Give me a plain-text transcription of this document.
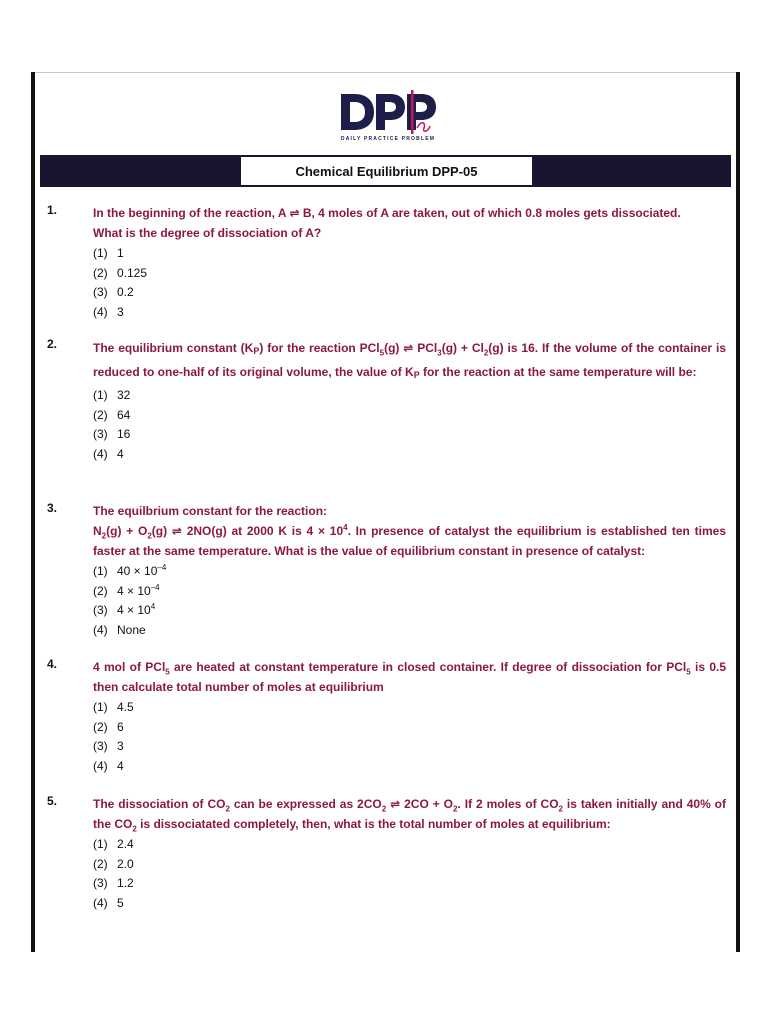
DAILY PRACTICE PROBLEM
Chemical Equilibrium DPP-05
1.	In the beginning of the reaction, A ⇌ B, 4 moles of A are taken, out of which 0.8 moles gets dissociated.
What is the degree of dissociation of A?
(1) 1
(2) 0.125
(3) 0.2
(4) 3
2.	The equilibrium constant (KP) for the reaction PCl$_5$(g) ⇌ $PCl_3(g) + Cl_2(g)$ is 16. If the volume of the container is reduced to one-half of its original volume, the value of KP for the reaction at the same temperature will be:
(1) 32
(2) 64
(3) 16
(4) 4
3.	The equilbrium constant for the reaction:
$N_2(g) + O_2(g)$ ⇌ 2NO(g) at 2000 K is $4 \times 10^4$. In presence of catalyst the equilibrium is established ten times faster at the same temperature. What is the value of equilibrium constant in presence of catalyst:
(1) $40 \times 10^{-4}$
(2) $4 \times 10^{-4}$
(3) $4 \times 10^4$
(4) None
4.	4 mol of PCl$_5$ are heated at constant temperature in closed container. If degree of dissociation for PCl$_5$ is 0.5 then calculate total number of moles at equilibrium
(1) 4.5
(2) 6
(3) 3
(4) 4
5.	The dissociation of $CO_2$ can be expressed as $2CO_2$ ⇌ $2CO + O_2$. If 2 moles of $CO_2$ is taken initially and 40% of the $CO_2$ is dissociatated completely, then, what is the total number of moles at equilibrium:
(1) 2.4
(2) 2.0
(3) 1.2
(4) 5
